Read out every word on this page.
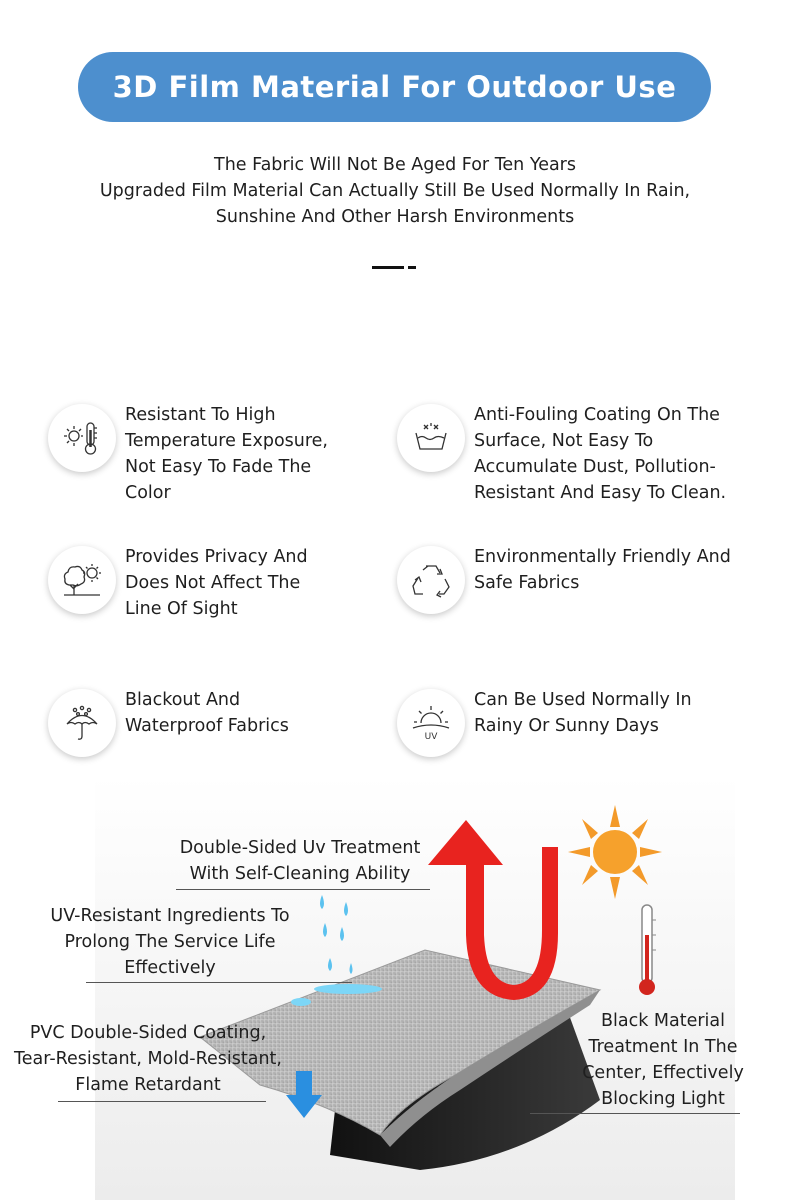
3D Film Material For Outdoor Use
The Fabric Will Not Be Aged For Ten Years
Upgraded Film Material Can Actually Still Be Used Normally In Rain,
Sunshine And Other Harsh Environments
Resistant To High
Temperature Exposure,
Not Easy To Fade The
Color
Anti-Fouling Coating On The
Surface, Not Easy To
Accumulate Dust, Pollution-
Resistant And Easy To Clean.
Provides Privacy And
Does Not Affect The
Line Of Sight
Environmentally Friendly And
Safe Fabrics
Blackout And
Waterproof Fabrics
UV
Can Be Used Normally In
Rainy Or Sunny Days
Double-Sided Uv Treatment
With Self-Cleaning Ability
UV-Resistant Ingredients To
Prolong The Service Life
Effectively
PVC Double-Sided Coating,
Tear-Resistant, Mold-Resistant,
Flame Retardant
Black Material
Treatment In The
Center, Effectively
Blocking Light
